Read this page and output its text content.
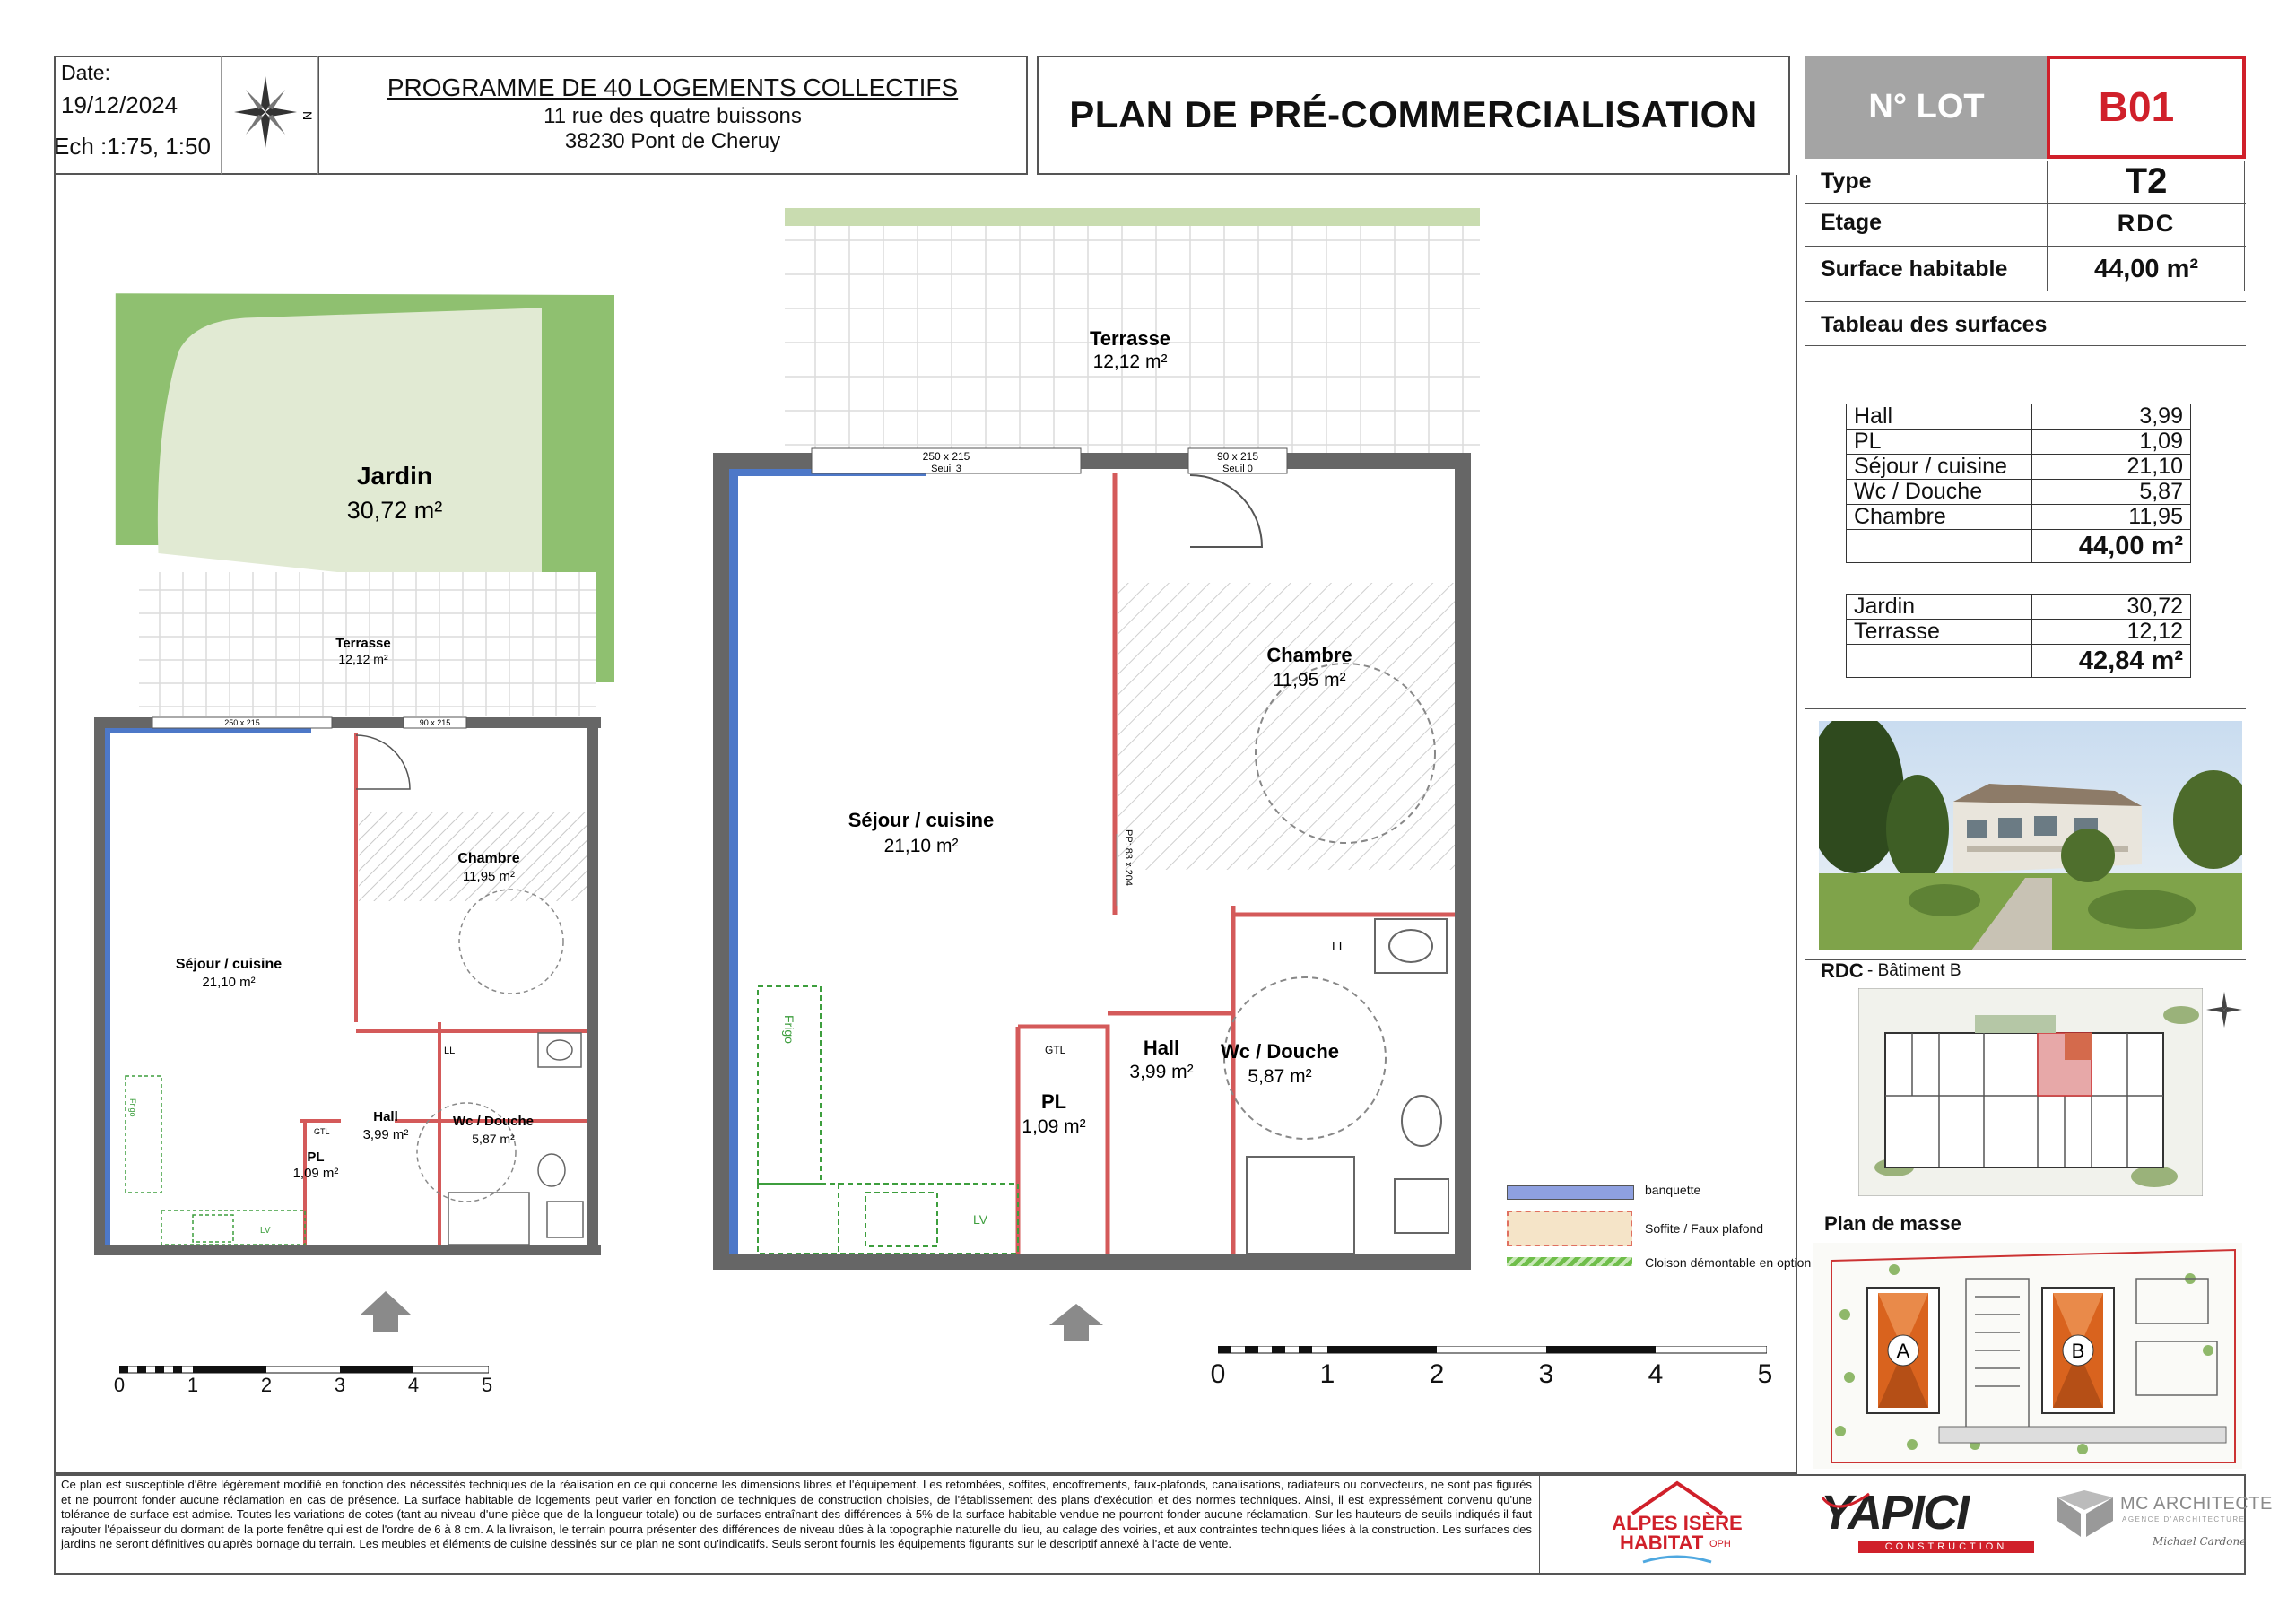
Date:
19/12/2024
Ech :1:75, 1:50
N
PROGRAMME DE 40 LOGEMENTS COLLECTIFS
11 rue des quatre buissons
38230 Pont de Cheruy
PLAN DE PRÉ-COMMERCIALISATION	N° LOT	B01
Type	T2
Etage	RDC
Surface habitable	44,00 m²
Tableau des surfaces
Hall	3,99
PL	1,09
Séjour / cuisine	21,10
Wc / Douche	5,87
Chambre	11,95
	44,00 m²
Jardin	30,72
Terrasse	12,12
	42,84 m²
RDC - Bâtiment B
Plan de masse
A	B
Jardin
30,72 m²
Terrasse
12,12 m²
250 x 215	90 x 215
Chambre
11,95 m²
Séjour / cuisine
21,10 m²
Hall
3,99 m²
PL
1,09 m²
Wc / Douche
5,87 m²
Frigo
LL
LV
GTL
0	1	2	3	4	5
Terrasse
12,12 m²
250 x 215
Seuil 3
90 x 215
Seuil 0
PP: 83 x 204
Chambre
11,95 m²
Séjour / cuisine
21,10 m²
Hall
3,99 m²
PL
1,09 m²
Wc / Douche
5,87 m²
Frigo
LV
LL
GTL
banquette
Soffite / Faux plafond
Cloison démontable en option
0	1	2	3	4	5
Ce plan est susceptible d'être légèrement modifié en fonction des nécessités techniques de la réalisation en ce qui concerne les dimensions libres et l'équipement. Les retombées, soffites, encoffrements, faux-plafonds, canalisations, radiateurs ou convecteurs, ne sont pas figurés et ne pourront fonder aucune réclamation en cas de présence. La surface habitable de logements peut varier en fonction de techniques de construction choisies, de l'établissement des plans d'exécution et des normes techniques. Ainsi, il est expressément convenu qu'une tolérance de surface est admise. Toutes les variations de cotes (tant au niveau d'une pièce que de la longueur totale) ou de surfaces entraînant des différences à 5% de la surface habitable vendue ne pourront fonder aucune réclamation. Sur les hauteurs de seuils indiqués il faut rajouter l'épaisseur du dormant de la porte fenêtre qui est de l'ordre de 6 à 8 cm. A la livraison, le terrain pourra présenter des différences de niveau dûes à la topographie naturelle du lieu, au calage des voiries, et aux contraintes techniques liées à la construction. Les surfaces des jardins ne seront définitives qu'après bornage du terrain. Les meubles et éléments de cuisine dessinés sur ce plan ne sont qu'indicatifs. Seuls seront fournis les équipements figurants sur le descriptif annexé à l'acte de vente.
ALPES ISÈRE
HABITAT OPH
YAPICI
CONSTRUCTION
MC ARCHITECTE
AGENCE D'ARCHITECTURE
Michael Cardone
